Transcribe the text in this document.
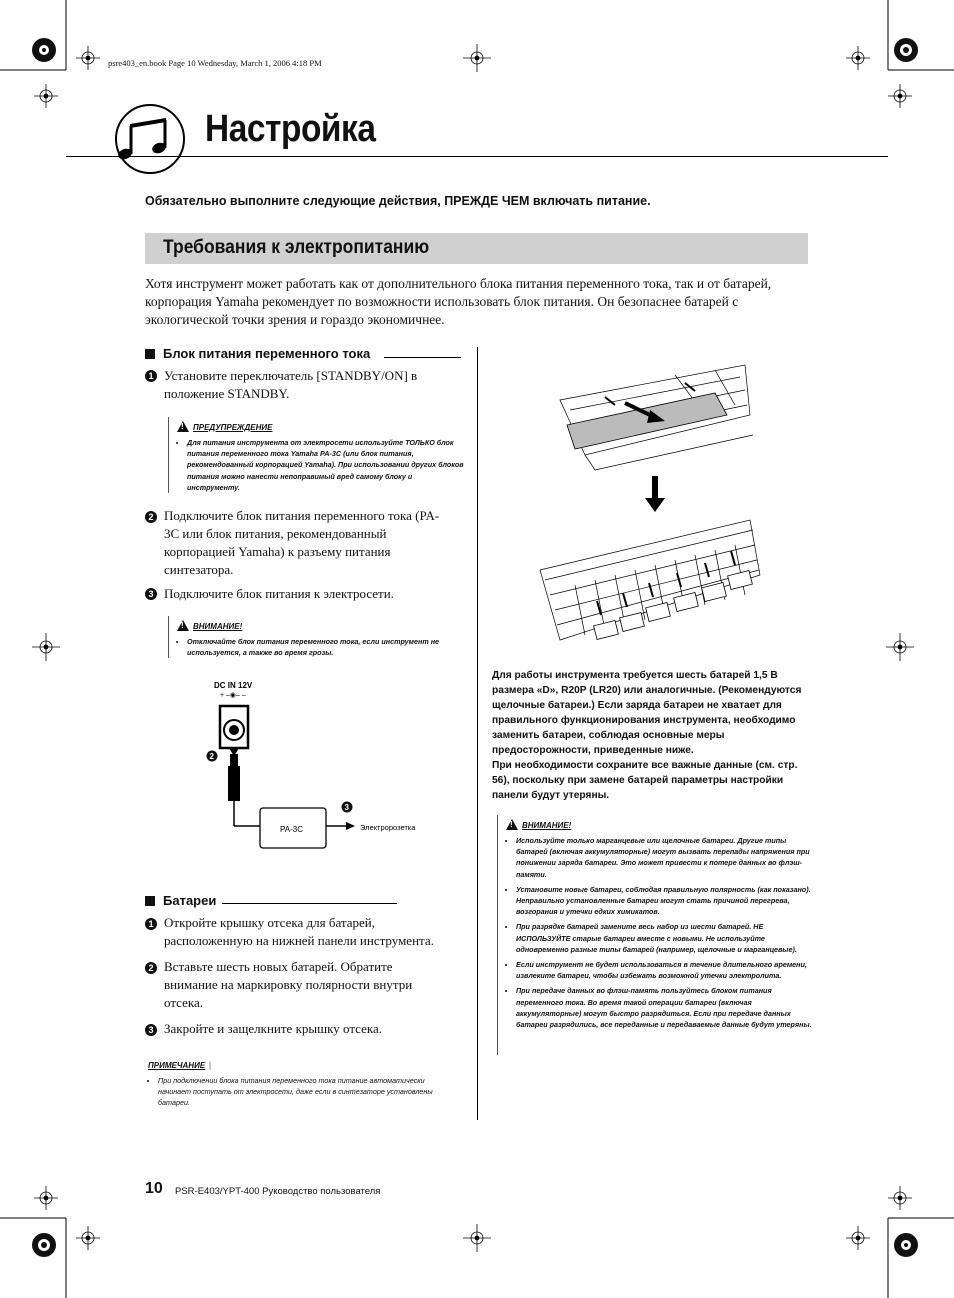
psre403_en.book Page 10 Wednesday, March 1, 2006 4:18 PM
Настройка
Обязательно выполните следующие действия, ПРЕЖДЕ ЧЕМ включать питание.
Требования к электропитанию
Хотя инструмент может работать как от дополнительного блока питания переменного тока, так и от батарей, корпорация Yamaha рекомендует по возможности использовать блок питания. Он безопаснее батарей с экологической точки зрения и гораздо экономичнее.
Блок питания переменного тока
1 Установите переключатель [STANDBY/ON] в положение STANDBY.
!ПРЕДУПРЕЖДЕНИЕ
• Для питания инструмента от электросети используйте ТОЛЬКО блок питания переменного тока Yamaha PA-3C (или блок питания, рекомендованный корпорацией Yamaha). При использовании других блоков питания можно нанести непоправимый вред самому блоку и инструменту.
2 Подключите блок питания переменного тока (PA-3C или блок питания, рекомендованный корпорацией Yamaha) к разъему питания синтезатора.
3 Подключите блок питания к электросети.
!ВНИМАНИЕ!
• Отключайте блок питания переменного тока, если инструмент не используется, а также во время грозы.
DC IN 12V
+ –◉– –
PA-3C	Электророзетка
2
3
Батареи
1 Откройте крышку отсека для батарей, расположенную на нижней панели инструмента.
2 Вставьте шесть новых батарей. Обратите внимание на маркировку полярности внутри отсека.
3 Закройте и защелкните крышку отсека.
ПРИМЕЧАНИЕ |
• При подключении блока питания переменного тока питание автоматически начинает поступать от электросети, даже если в синтезаторе установлены батареи.
Для работы инструмента требуется шесть батарей 1,5 В размера «D», R20P (LR20) или аналогичные. (Рекомендуются щелочные батареи.) Если заряда батареи не хватает для правильного функционирования инструмента, необходимо заменить батареи, соблюдая основные меры предосторожности, приведенные ниже.
При необходимости сохраните все важные данные (см. стр. 56), поскольку при замене батарей параметры настройки панели будут утеряны.
!ВНИМАНИЕ!
• Используйте только марганцевые или щелочные батареи. Другие типы батарей (включая аккумуляторные) могут вызвать перепады напряжения при понижении заряда батареи. Это может привести к потере данных во флэш-памяти.
• Установите новые батареи, соблюдая правильную полярность (как показано). Неправильно установленные батареи могут стать причиной перегрева, возгорания и утечки едких химикатов.
• При разрядке батарей замените весь набор из шести батарей. НЕ ИСПОЛЬЗУЙТЕ старые батареи вместе с новыми. Не используйте одновременно разные типы батарей (например, щелочные и марганцевые).
• Если инструмент не будет использоваться в течение длительного времени, извлеките батареи, чтобы избежать возможной утечки электролита.
• При передаче данных во флэш-память пользуйтесь блоком питания переменного тока. Во время такой операции батареи (включая аккумуляторные) могут быстро разрядиться. Если при передаче данных батареи разрядились, все переданные и передаваемые данные будут утеряны.
10 PSR-E403/YPT-400 Руководство пользователя
